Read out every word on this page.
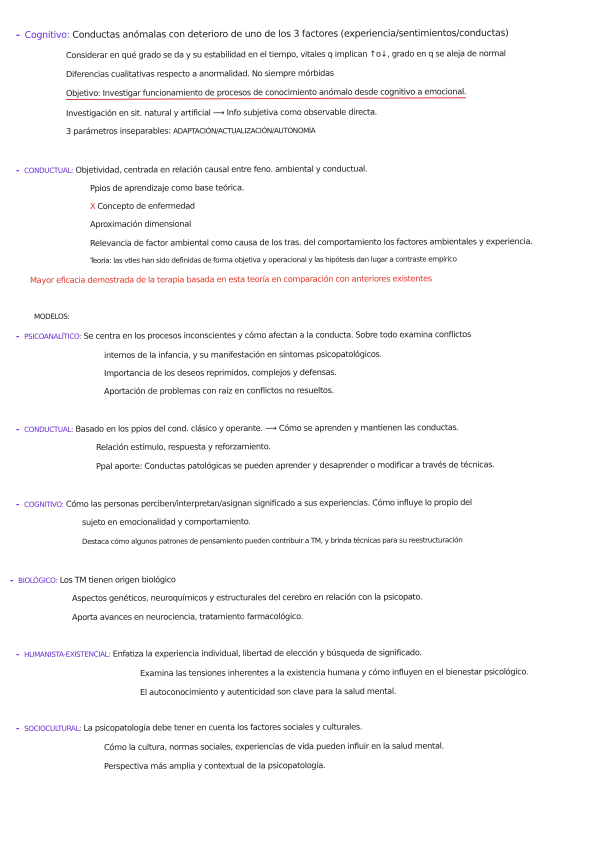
- Cognitivo: Conductas anómalas con deterioro de uno de los 3 factores (experiencia/sentimientos/conductas)
Considerar en qué grado se da y su estabilidad en el tiempo, vitales q implican ↑o↓, grado en q se aleja de normal
Diferencias cualitativas respecto a anormalidad. No siempre mórbidas
Objetivo: Investigar funcionamiento de procesos de conocimiento anómalo desde cognitivo a emocional.
Investigación en sit. natural y artificial ⟶ Info subjetiva como observable directa.
3 parámetros inseparables: ADAPTACIÓN/ACTUALIZACIÓN/AUTONOMÍA
- CONDUCTUAL: Objetividad, centrada en relación causal entre feno. ambiental y conductual.
Ppios de aprendizaje como base teórica.
X Concepto de enfermedad
Aproximación dimensional
Relevancia de factor ambiental como causa de los tras. del comportamiento los factores ambientales y experiencia.
Teoría: las vtles han sido definidas de forma objetiva y operacional y las hipótesis dan lugar a contraste empírico
Mayor eficacia demostrada de la terapia basada en esta teoría en comparación con anteriores existentes
MODELOS:
- PSICOANALÍTICO: Se centra en los procesos inconscientes y cómo afectan a la conducta. Sobre todo examina conflictos
internos de la infancia, y su manifestación en síntomas psicopatológicos.
Importancia de los deseos reprimidos, complejos y defensas.
Aportación de problemas con raíz en conflictos no resueltos.
- CONDUCTUAL: Basado en los ppios del cond. clásico y operante. ⟶ Cómo se aprenden y mantienen las conductas.
Relación estímulo, respuesta y reforzamiento.
Ppal aporte: Conductas patológicas se pueden aprender y desaprender o modificar a través de técnicas.
- COGNITIVO: Cómo las personas perciben/interpretan/asignan significado a sus experiencias. Cómo influye lo propio del
sujeto en emocionalidad y comportamiento.
Destaca cómo algunos patrones de pensamiento pueden contribuir a TM, y brinda técnicas para su reestructuración
- BIOLÓGICO: Los TM tienen origen biológico
Aspectos genéticos, neuroquímicos y estructurales del cerebro en relación con la psicopato.
Aporta avances en neurociencia, tratamiento farmacológico.
- HUMANISTA-EXISTENCIAL: Enfatiza la experiencia individual, libertad de elección y búsqueda de significado.
Examina las tensiones inherentes a la existencia humana y cómo influyen en el bienestar psicológico.
El autoconocimiento y autenticidad son clave para la salud mental.
- SOCIOCULTURAL: La psicopatología debe tener en cuenta los factores sociales y culturales.
Cómo la cultura, normas sociales, experiencias de vida pueden influir en la salud mental.
Perspectiva más amplia y contextual de la psicopatología.
